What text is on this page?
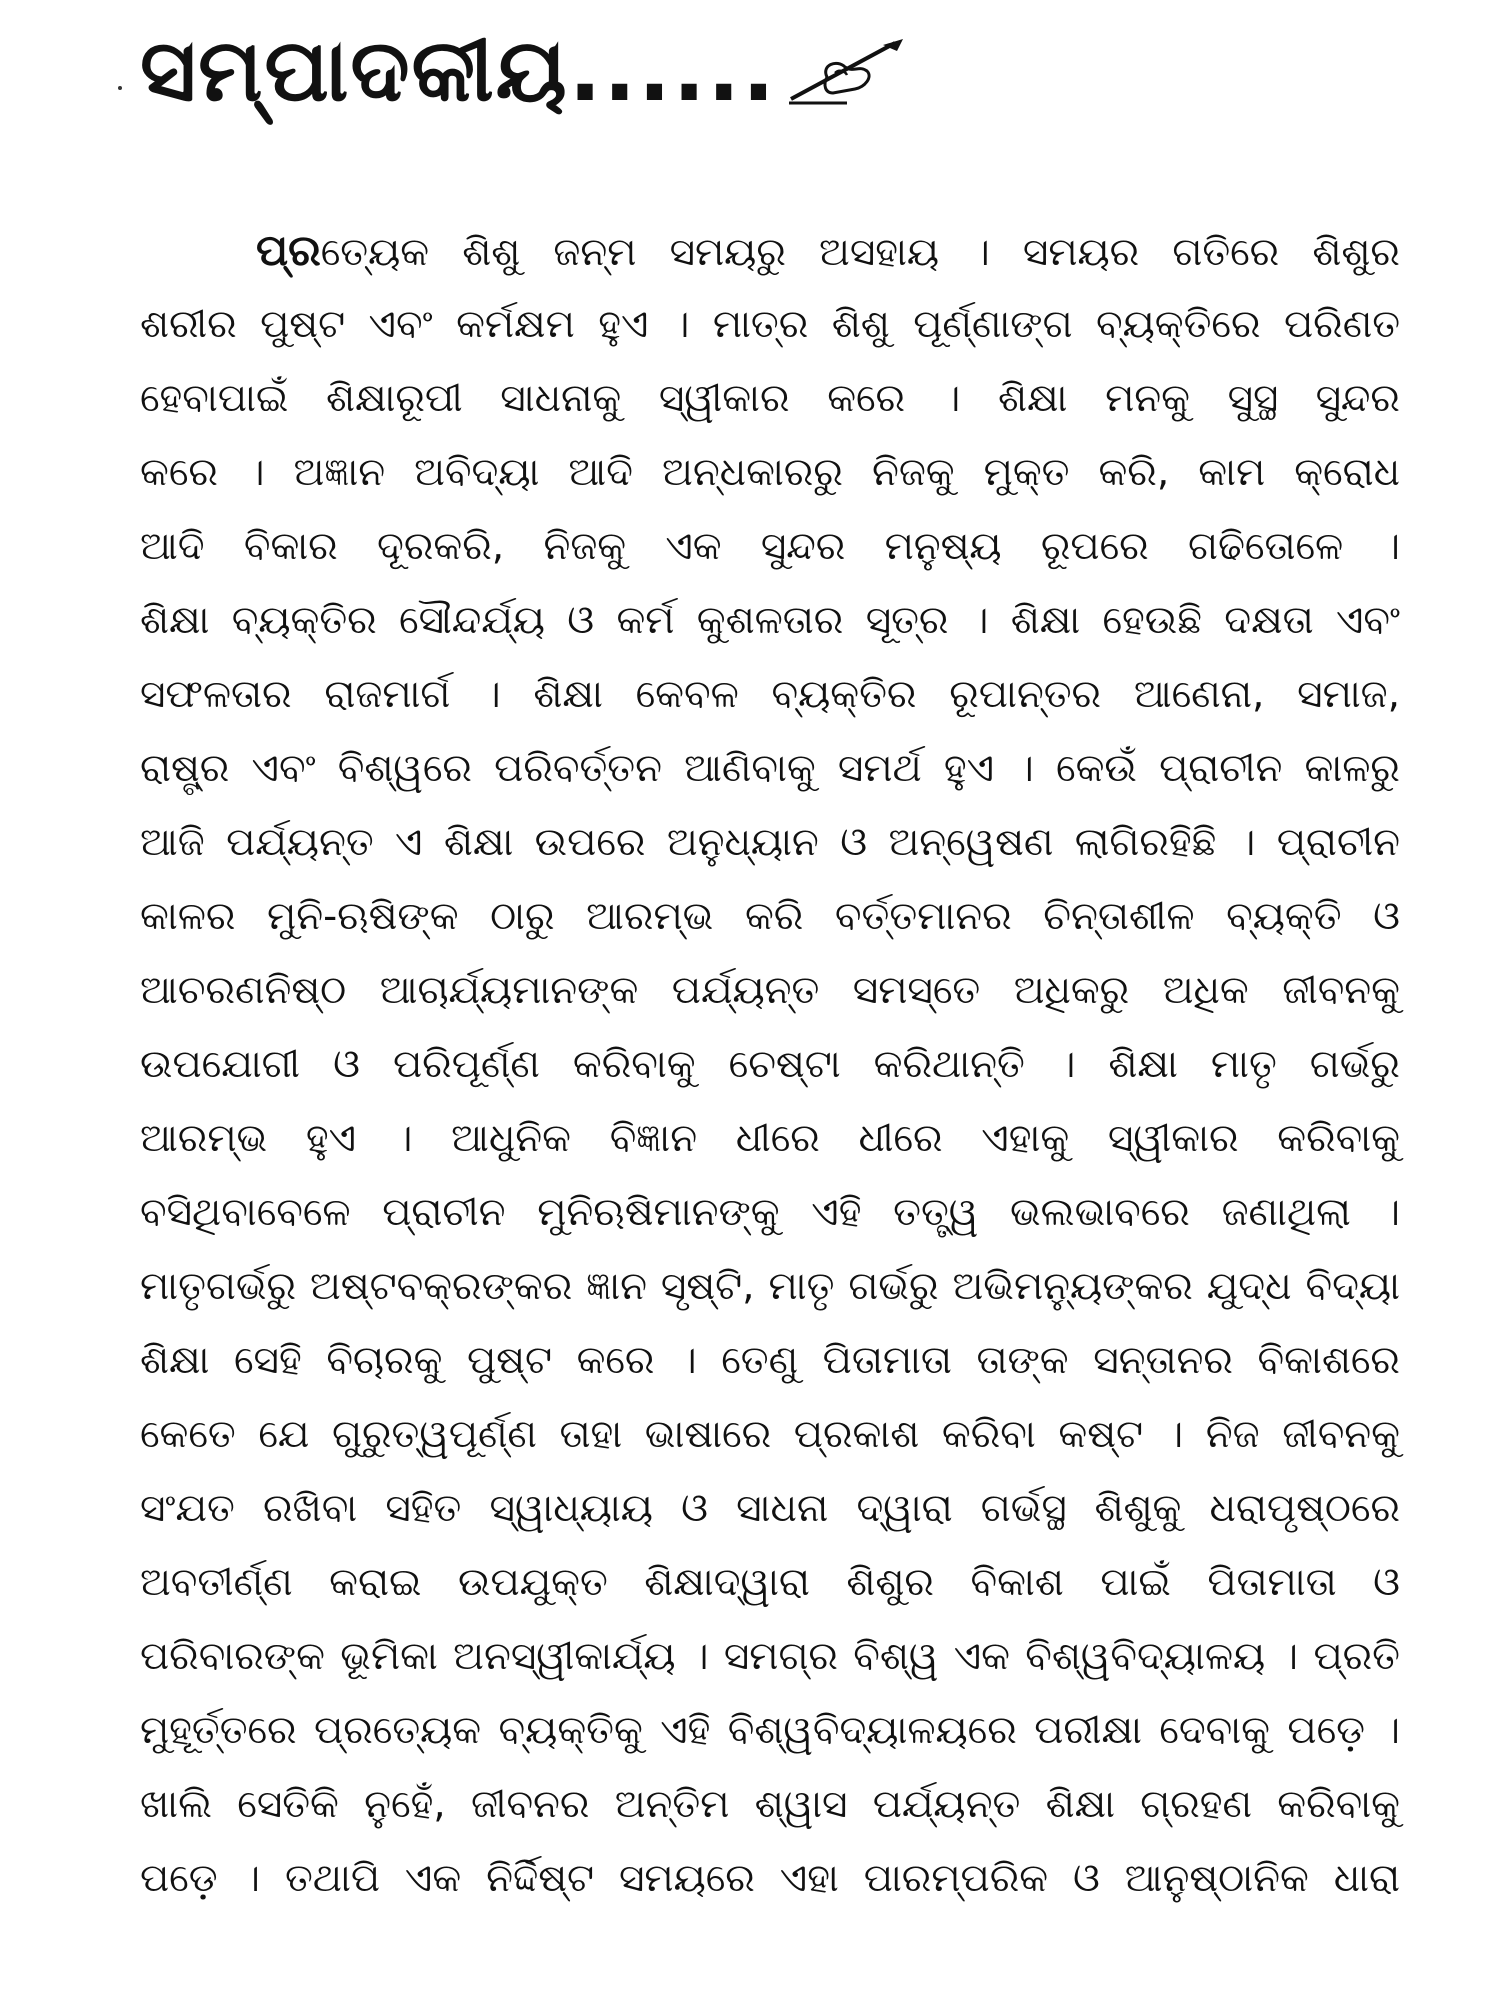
ସମ୍ପାଦକୀୟ......
ପ୍ରତ୍ୟେକ ଶିଶୁ ଜନ୍ମ ସମୟରୁ ଅସହାୟ । ସମୟର ଗତିରେ ଶିଶୁର
ଶରୀର ପୁଷ୍ଟ ଏବଂ କର୍ମକ୍ଷମ ହୁଏ । ମାତ୍ର ଶିଶୁ ପୂର୍ଣ୍ଣାଙ୍ଗ ବ୍ୟକ୍ତିରେ ପରିଣତ
ହେବାପାଇଁ ଶିକ୍ଷାରୂପୀ ସାଧନାକୁ ସ୍ୱୀକାର କରେ । ଶିକ୍ଷା ମନକୁ ସୁସ୍ଥ ସୁନ୍ଦର
କରେ । ଅଜ୍ଞାନ ଅବିଦ୍ୟା ଆଦି ଅନ୍ଧକାରରୁ ନିଜକୁ ମୁକ୍ତ କରି, କାମ କ୍ରୋଧ
ଆଦି ବିକାର ଦୂରକରି, ନିଜକୁ ଏକ ସୁନ୍ଦର ମନୁଷ୍ୟ ରୂପରେ ଗଢିତୋଳେ ।
ଶିକ୍ଷା ବ୍ୟକ୍ତିର ସୌନ୍ଦର୍ଯ୍ୟ ଓ କର୍ମ କୁଶଳତାର ସୂତ୍ର । ଶିକ୍ଷା ହେଉଛି ଦକ୍ଷତା ଏବଂ
ସଫଳତାର ରାଜମାର୍ଗ । ଶିକ୍ଷା କେବଳ ବ୍ୟକ୍ତିର ରୂପାନ୍ତର ଆଣେନା, ସମାଜ,
ରାଷ୍ଟ୍ର ଏବଂ ବିଶ୍ୱରେ ପରିବର୍ତ୍ତନ ଆଣିବାକୁ ସମର୍ଥ ହୁଏ । କେଉଁ ପ୍ରାଚୀନ କାଳରୁ
ଆଜି ପର୍ଯ୍ୟନ୍ତ ଏ ଶିକ୍ଷା ଉପରେ ଅନୁଧ୍ୟାନ ଓ ଅନ୍ୱେଷଣ ଲାଗିରହିଛି । ପ୍ରାଚୀନ
କାଳର ମୁନି-ଋଷିଙ୍କ ଠାରୁ ଆରମ୍ଭ କରି ବର୍ତ୍ତମାନର ଚିନ୍ତାଶୀଳ ବ୍ୟକ୍ତି ଓ
ଆଚରଣନିଷ୍ଠ ଆଚାର୍ଯ୍ୟମାନଙ୍କ ପର୍ଯ୍ୟନ୍ତ ସମସ୍ତେ ଅଧିକରୁ ଅଧିକ ଜୀବନକୁ
ଉପଯୋଗୀ ଓ ପରିପୂର୍ଣ୍ଣ କରିବାକୁ ଚେଷ୍ଟା କରିଥାନ୍ତି । ଶିକ୍ଷା ମାତୃ ଗର୍ଭରୁ
ଆରମ୍ଭ ହୁଏ । ଆଧୁନିକ ବିଜ୍ଞାନ ଧୀରେ ଧୀରେ ଏହାକୁ ସ୍ୱୀକାର କରିବାକୁ
ବସିଥିବାବେଳେ ପ୍ରାଚୀନ ମୁନିଋଷିମାନଙ୍କୁ ଏହି ତତ୍ତ୍ୱ ଭଲଭାବରେ ଜଣାଥିଲା ।
ମାତୃଗର୍ଭରୁ ଅଷ୍ଟବକ୍ରଙ୍କର ଜ୍ଞାନ ସୃଷ୍ଟି, ମାତୃ ଗର୍ଭରୁ ଅଭିମନ୍ୟୁଙ୍କର ଯୁଦ୍ଧ ବିଦ୍ୟା
ଶିକ୍ଷା ସେହି ବିଚାରକୁ ପୁଷ୍ଟ କରେ । ତେଣୁ ପିତାମାତା ତାଙ୍କ ସନ୍ତାନର ବିକାଶରେ
କେତେ ଯେ ଗୁରୁତ୍ୱପୂର୍ଣ୍ଣ ତାହା ଭାଷାରେ ପ୍ରକାଶ କରିବା କଷ୍ଟ । ନିଜ ଜୀବନକୁ
ସଂଯତ ରଖିବା ସହିତ ସ୍ୱାଧ୍ୟାୟ ଓ ସାଧନା ଦ୍ୱାରା ଗର୍ଭସ୍ଥ ଶିଶୁକୁ ଧରାପୃଷ୍ଠରେ
ଅବତୀର୍ଣ୍ଣ କରାଇ ଉପଯୁକ୍ତ ଶିକ୍ଷାଦ୍ୱାରା ଶିଶୁର ବିକାଶ ପାଇଁ ପିତାମାତା ଓ
ପରିବାରଙ୍କ ଭୂମିକା ଅନସ୍ୱୀକାର୍ଯ୍ୟ । ସମଗ୍ର ବିଶ୍ୱ ଏକ ବିଶ୍ୱବିଦ୍ୟାଳୟ । ପ୍ରତି
ମୁହୂର୍ତ୍ତରେ ପ୍ରତ୍ୟେକ ବ୍ୟକ୍ତିକୁ ଏହି ବିଶ୍ୱବିଦ୍ୟାଳୟରେ ପରୀକ୍ଷା ଦେବାକୁ ପଡ଼େ ।
ଖାଲି ସେତିକି ନୁହେଁ, ଜୀବନର ଅନ୍ତିମ ଶ୍ୱାସ ପର୍ଯ୍ୟନ୍ତ ଶିକ୍ଷା ଗ୍ରହଣ କରିବାକୁ
ପଡ଼େ । ତଥାପି ଏକ ନିର୍ଦ୍ଦିଷ୍ଟ ସମୟରେ ଏହା ପାରମ୍ପରିକ ଓ ଆନୁଷ୍ଠାନିକ ଧାରା
